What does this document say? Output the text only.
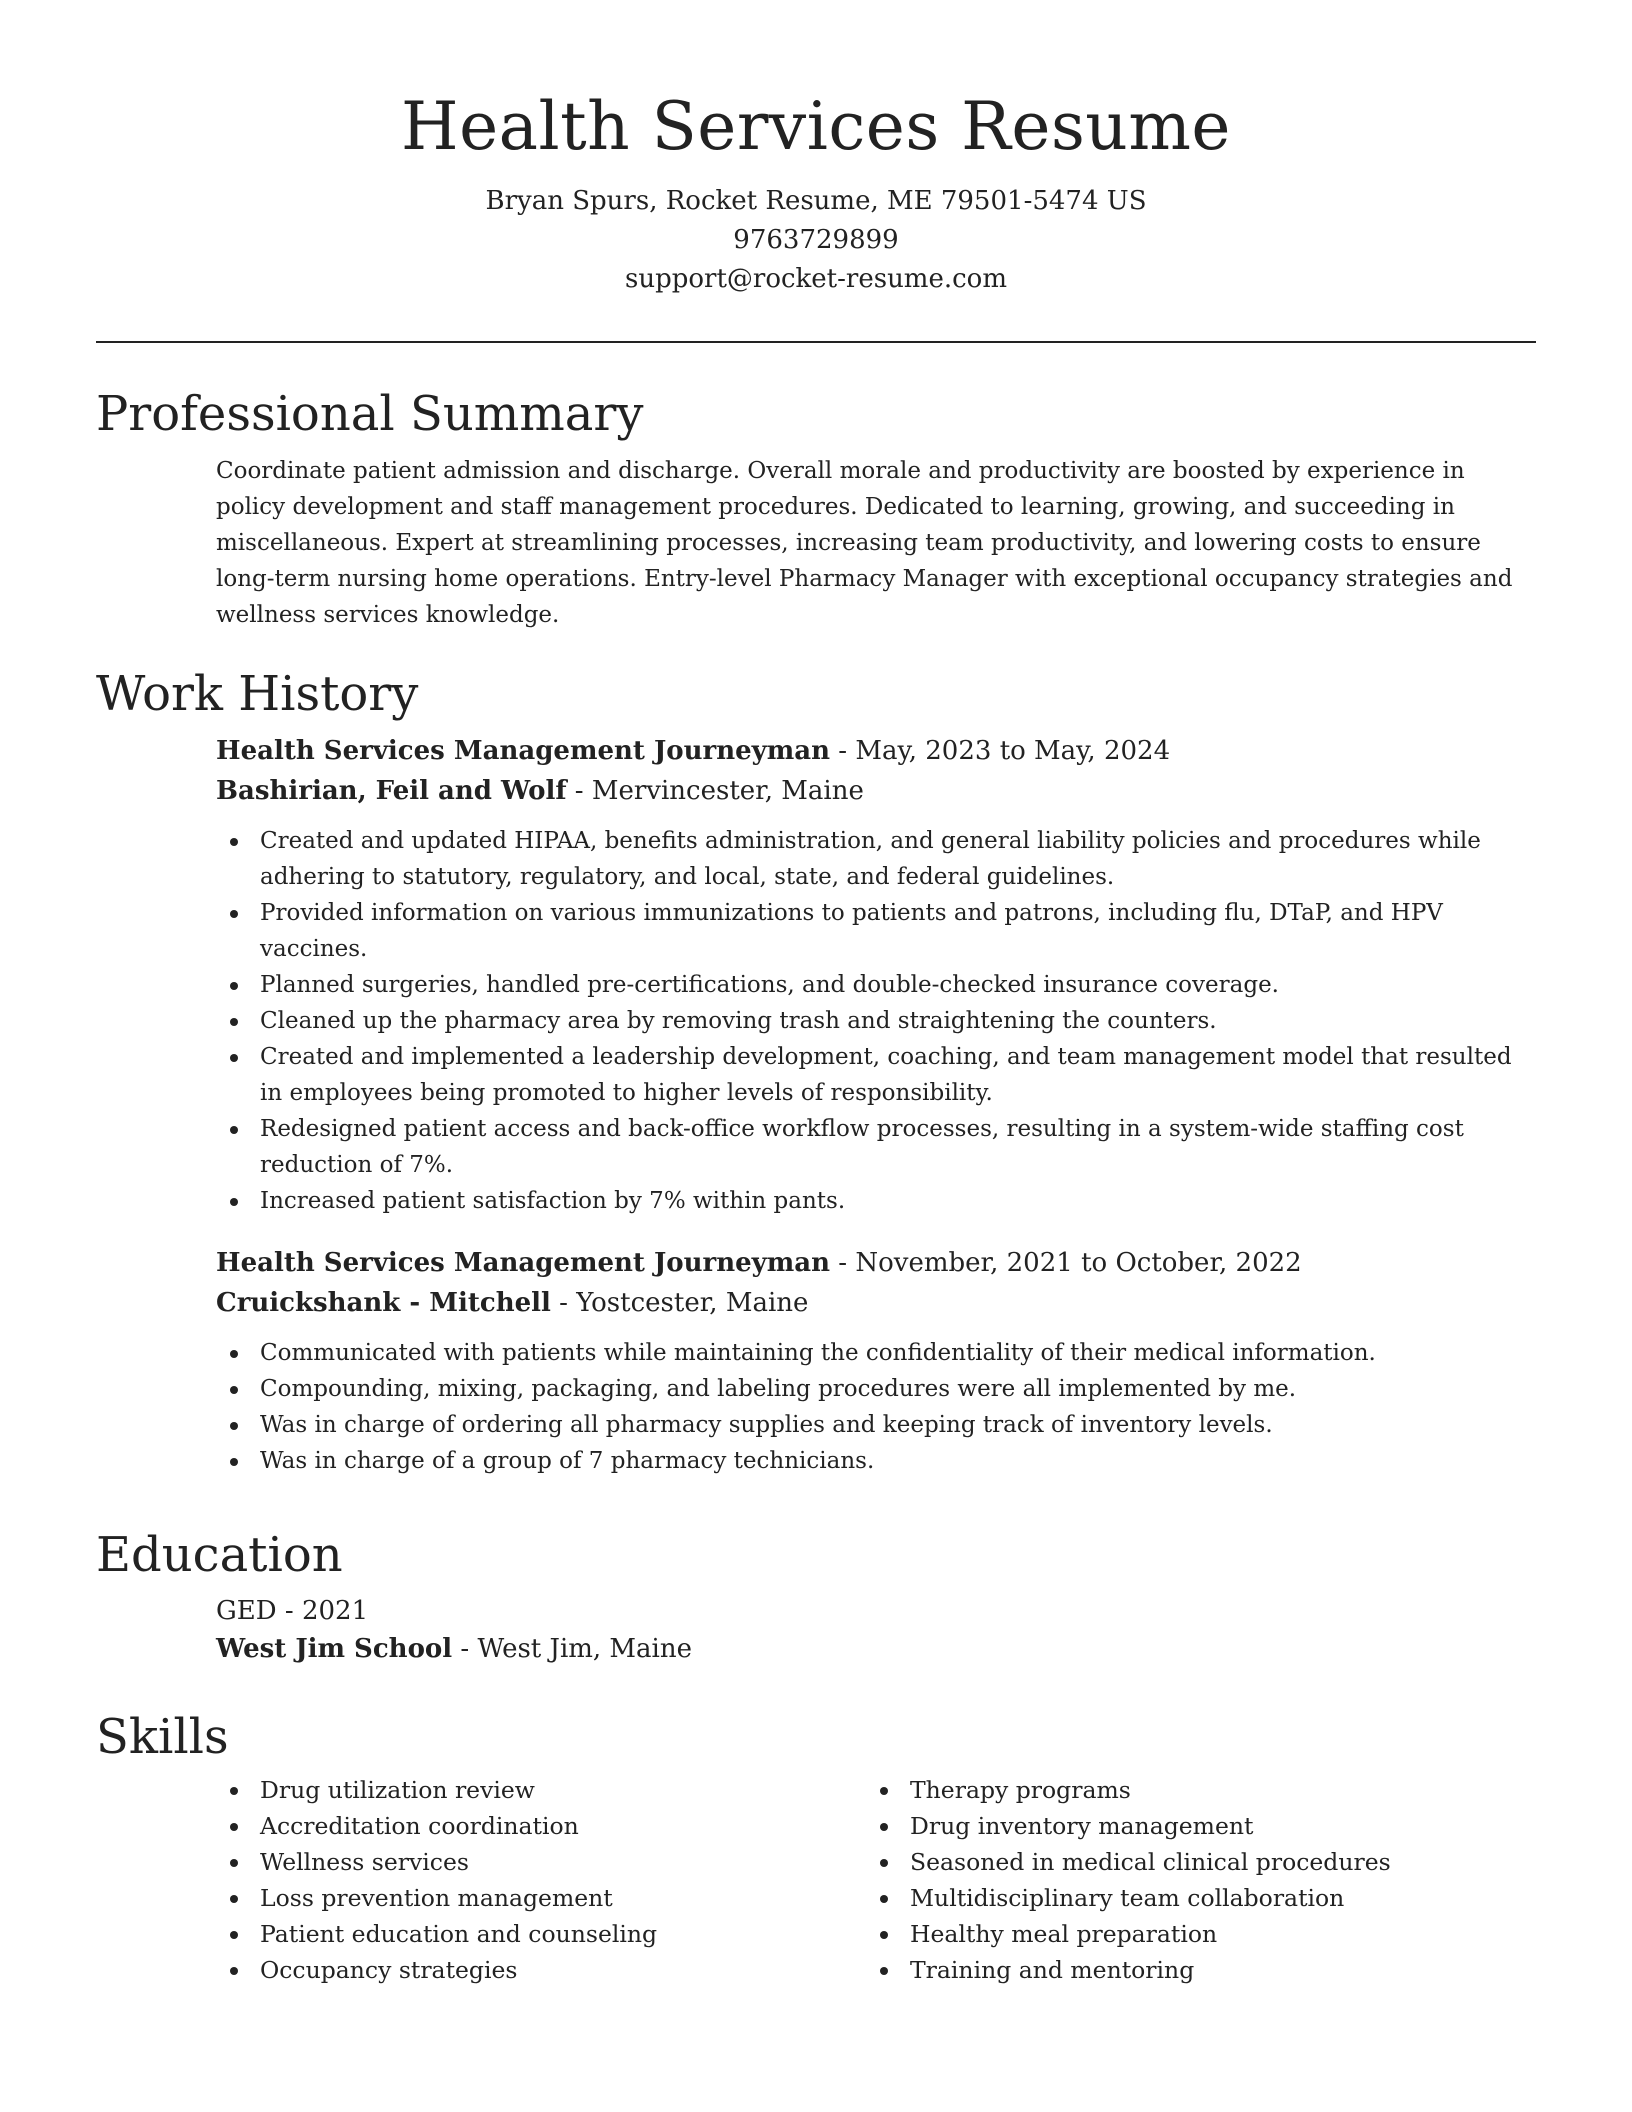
Health Services Resume
Bryan Spurs, Rocket Resume, ME 79501-5474 US
9763729899
support@rocket-resume.com
Professional Summary

Coordinate patient admission and discharge. Overall morale and productivity are boosted by experience in policy development and staff management procedures. Dedicated to learning, growing, and succeeding in miscellaneous. Expert at streamlining processes, increasing team productivity, and lowering costs to ensure long-term nursing home operations. Entry-level Pharmacy Manager with exceptional occupancy strategies and wellness services knowledge.

Work History
Health Services Management Journeyman - May, 2023 to May, 2024
Bashirian, Feil and Wolf - Mervincester, Maine
Created and updated HIPAA, benefits administration, and general liability policies and procedures while adhering to statutory, regulatory, and local, state, and federal guidelines.
Provided information on various immunizations to patients and patrons, including flu, DTaP, and HPV vaccines.
Planned surgeries, handled pre-certifications, and double-checked insurance coverage.
Cleaned up the pharmacy area by removing trash and straightening the counters.
Created and implemented a leadership development, coaching, and team management model that resulted in employees being promoted to higher levels of responsibility.
Redesigned patient access and back-office workflow processes, resulting in a system-wide staffing cost reduction of 7%.
Increased patient satisfaction by 7% within pants.
Health Services Management Journeyman - November, 2021 to October, 2022
Cruickshank - Mitchell - Yostcester, Maine
Communicated with patients while maintaining the confidentiality of their medical information.
Compounding, mixing, packaging, and labeling procedures were all implemented by me.
Was in charge of ordering all pharmacy supplies and keeping track of inventory levels.
Was in charge of a group of 7 pharmacy technicians.
Education
GED - 2021
West Jim School - West Jim, Maine
Skills
Drug utilization review
Accreditation coordination
Wellness services
Loss prevention management
Patient education and counseling
Occupancy strategies
Therapy programs
Drug inventory management
Seasoned in medical clinical procedures
Multidisciplinary team collaboration
Healthy meal preparation
Training and mentoring
